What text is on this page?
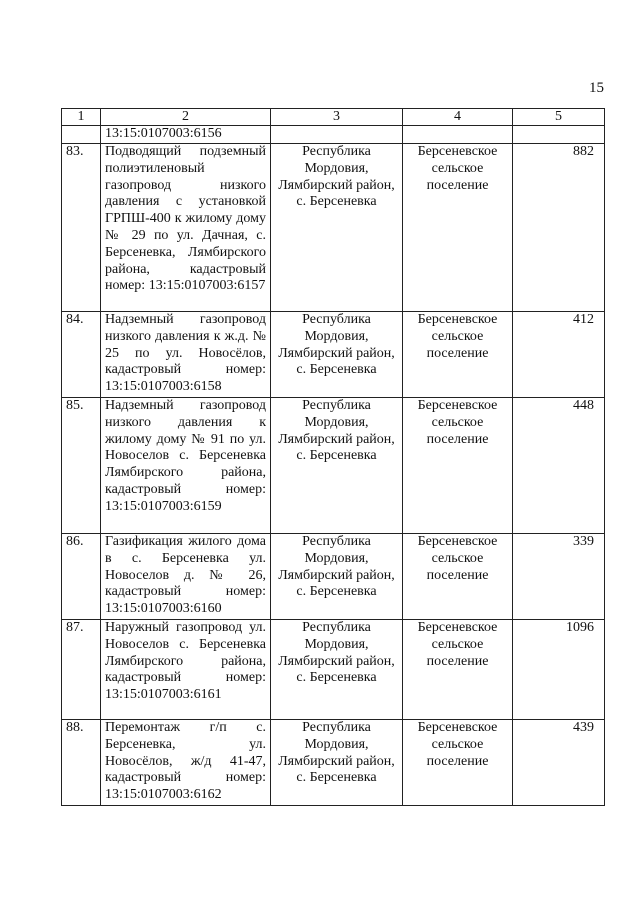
15
1	2	3	4	5
	13:15:0107003:6156			
83.	Подводящий подземный полиэтиленовый газопровод низкого давления с установкой ГРПШ-400 к жилому дому № 29 по ул. Дачная, с. Берсеневка, Лямбирского района, кадастровый номер: 13:15:0107003:6157	Республика Мордовия, Лямбирский район, с. Берсеневка	Берсеневское сельское поселение	882
84.	Надземный газопровод низкого давления к ж.д. № 25 по ул. Новосёлов, кадастровый номер: 13:15:0107003:6158	Республика Мордовия, Лямбирский район, с. Берсеневка	Берсеневское сельское поселение	412
85.	Надземный газопровод низкого давления к жилому дому № 91 по ул. Новоселов с. Берсеневка Лямбирского района, кадастровый номер: 13:15:0107003:6159	Республика Мордовия, Лямбирский район, с. Берсеневка	Берсеневское сельское поселение	448
86.	Газификация жилого дома в с. Берсеневка ул. Новоселов д. № 26, кадастровый номер: 13:15:0107003:6160	Республика Мордовия, Лямбирский район, с. Берсеневка	Берсеневское сельское поселение	339
87.	Наружный газопровод ул. Новоселов с. Берсеневка Лямбирского района, кадастровый номер: 13:15:0107003:6161	Республика Мордовия, Лямбирский район, с. Берсеневка	Берсеневское сельское поселение	1096
88.	Перемонтаж г/п с. Берсеневка, ул. Новосёлов, ж/д 41-47, кадастровый номер: 13:15:0107003:6162	Республика Мордовия, Лямбирский район, с. Берсеневка	Берсеневское сельское поселение	439
